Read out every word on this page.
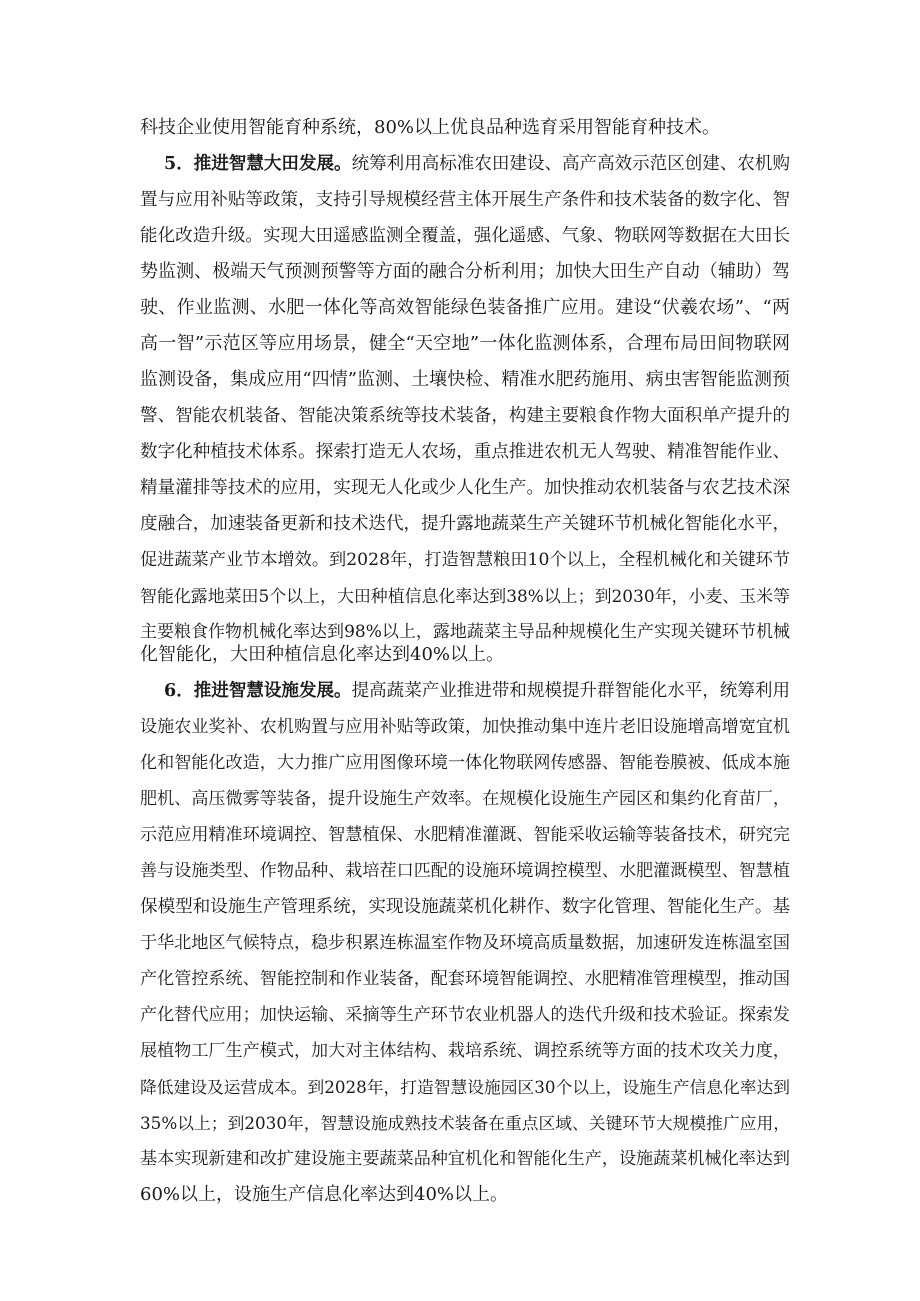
科技企业使用智能育种系统，80%以上优良品种选育采用智能育种技术。
5．推进智慧大田发展。统筹利用高标准农田建设、高产高效示范区创建、农机购
置与应用补贴等政策，支持引导规模经营主体开展生产条件和技术装备的数字化、智
能化改造升级。实现大田遥感监测全覆盖，强化遥感、气象、物联网等数据在大田长
势监测、极端天气预测预警等方面的融合分析利用；加快大田生产自动（辅助）驾
驶、作业监测、水肥一体化等高效智能绿色装备推广应用。建设“伏羲农场”、“两
高一智”示范区等应用场景，健全“天空地”一体化监测体系，合理布局田间物联网
监测设备，集成应用“四情”监测、土壤快检、精准水肥药施用、病虫害智能监测预
警、智能农机装备、智能决策系统等技术装备，构建主要粮食作物大面积单产提升的
数字化种植技术体系。探索打造无人农场，重点推进农机无人驾驶、精准智能作业、
精量灌排等技术的应用，实现无人化或少人化生产。加快推动农机装备与农艺技术深
度融合，加速装备更新和技术迭代，提升露地蔬菜生产关键环节机械化智能化水平，
促进蔬菜产业节本增效。到2028年，打造智慧粮田10个以上，全程机械化和关键环节
智能化露地菜田5个以上，大田种植信息化率达到38%以上；到2030年，小麦、玉米等
主要粮食作物机械化率达到98%以上，露地蔬菜主导品种规模化生产实现关键环节机械
化智能化，大田种植信息化率达到40%以上。
6．推进智慧设施发展。提高蔬菜产业推进带和规模提升群智能化水平，统筹利用
设施农业奖补、农机购置与应用补贴等政策，加快推动集中连片老旧设施增高增宽宜机
化和智能化改造，大力推广应用图像环境一体化物联网传感器、智能卷膜被、低成本施
肥机、高压微雾等装备，提升设施生产效率。在规模化设施生产园区和集约化育苗厂，
示范应用精准环境调控、智慧植保、水肥精准灌溉、智能采收运输等装备技术，研究完
善与设施类型、作物品种、栽培茬口匹配的设施环境调控模型、水肥灌溉模型、智慧植
保模型和设施生产管理系统，实现设施蔬菜机化耕作、数字化管理、智能化生产。基
于华北地区气候特点，稳步积累连栋温室作物及环境高质量数据，加速研发连栋温室国
产化管控系统、智能控制和作业装备，配套环境智能调控、水肥精准管理模型，推动国
产化替代应用；加快运输、采摘等生产环节农业机器人的迭代升级和技术验证。探索发
展植物工厂生产模式，加大对主体结构、栽培系统、调控系统等方面的技术攻关力度，
降低建设及运营成本。到2028年，打造智慧设施园区30个以上，设施生产信息化率达到
35%以上；到2030年，智慧设施成熟技术装备在重点区域、关键环节大规模推广应用，
基本实现新建和改扩建设施主要蔬菜品种宜机化和智能化生产，设施蔬菜机械化率达到
60%以上，设施生产信息化率达到40%以上。
